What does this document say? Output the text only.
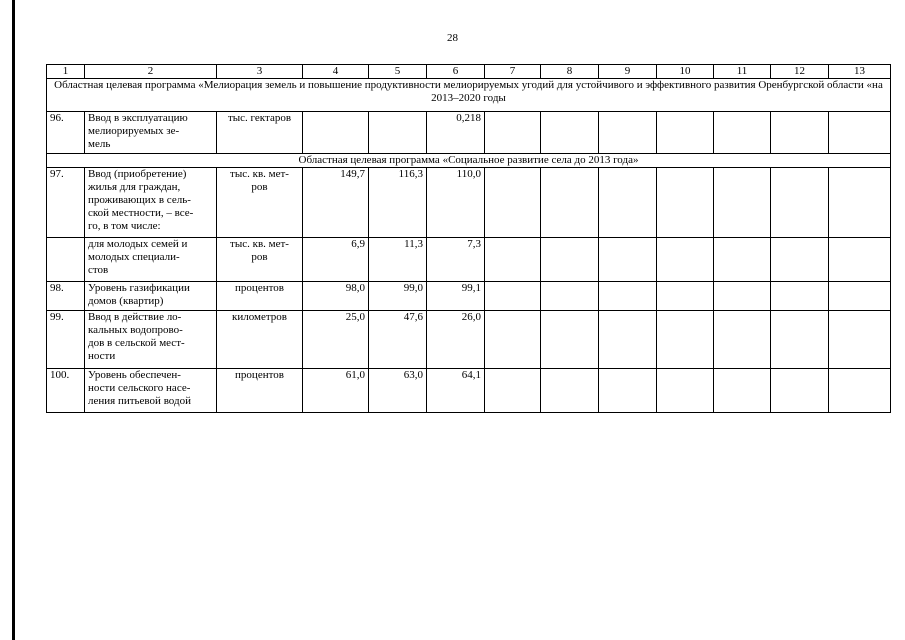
28
1	2	3	4	5	6	7	8	9	10	11	12	13
Областная целевая программа «Мелиорация земель и повышение продуктивности мелиорируемых угодий для устойчивого и эффективного развития Оренбургской области «на 2013–2020 годы												
96.	Ввод в эксплуатацию
мелиорируемых зе-
мель	тыс. гектаров			0,218							
Областная целевая программа «Социальное развитие села до 2013 года»												
97.	Ввод (приобретение)
жилья для граждан,
проживающих в сель-
ской местности, – все-
го, в том числе:	тыс. кв. мет-
ров	149,7	116,3	110,0							
	для молодых семей и
молодых специали-
стов	тыс. кв. мет-
ров	6,9	11,3	7,3							
98.	Уровень газификации
домов (квартир)	процентов	98,0	99,0	99,1							
99.	Ввод в действие ло-
кальных водопрово-
дов в сельской мест-
ности	километров	25,0	47,6	26,0							
100.	Уровень обеспечен-
ности сельского насе-
ления питьевой водой	процентов	61,0	63,0	64,1							
